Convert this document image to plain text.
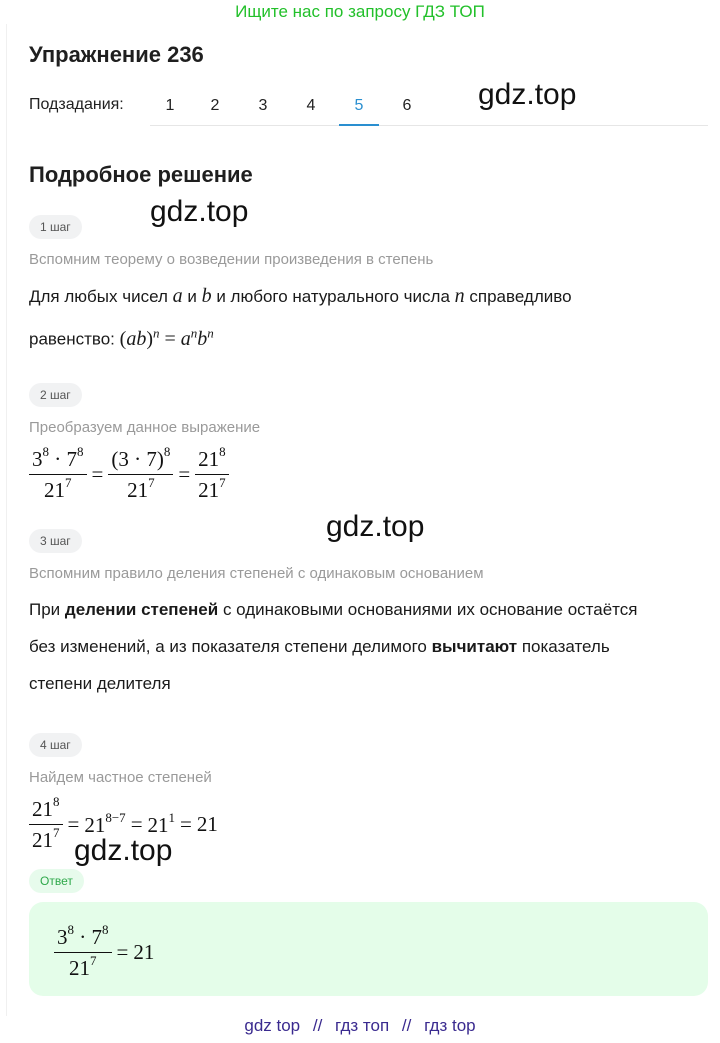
Ищите нас по запросу ГДЗ ТОП
Упражнение 236
Подзадания:	1	2	3	4	5	6	gdz.top
Подробное решение
gdz.top
1 шаг
Вспомним теорему о возведении произведения в степень
Для любых чисел a и b и любого натурального числа n справедливо
равенство: $(ab)^n = a^nb^n$
2 шаг
Преобразуем данное выражение
$\frac{3^8 \cdot 7^8}{21^7} = \frac{(3 \cdot 7)^8}{21^7} = \frac{21^8}{21^7}$
gdz.top
3 шаг
Вспомним правило деления степеней с одинаковым основанием
При делении степеней с одинаковыми основаниями их основание остаётся
без изменений, а из показателя степени делимого вычитают показатель
степени делителя
4 шаг
Найдем частное степеней
$\frac{21^8}{21^7} = 21^{8-7} = 21^1 = 21$
gdz.top
Ответ
$\frac{3^8 \cdot 7^8}{21^7} = 21$
gdz top // гдз топ // гдз top
